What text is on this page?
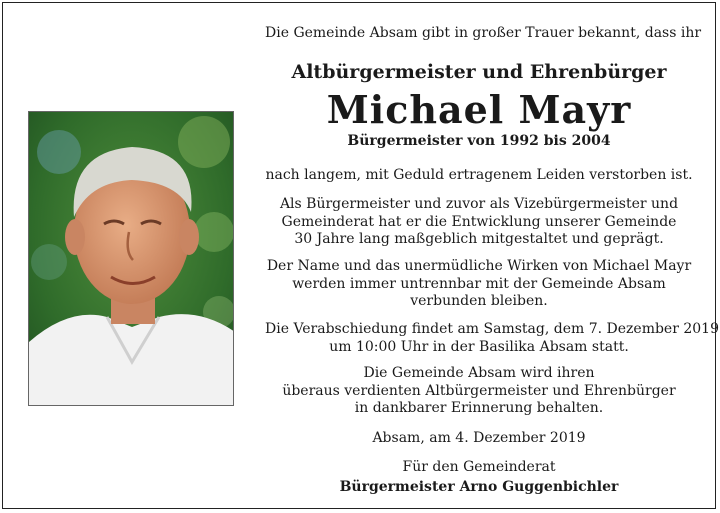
Die Gemeinde Absam gibt in großer Trauer bekannt, dass ihr
Altbürgermeister und Ehrenbürger
Michael Mayr
Bürgermeister von 1992 bis 2004
nach langem, mit Geduld ertragenem Leiden verstorben ist.
Als Bürgermeister und zuvor als Vizebürgermeister und
Gemeinderat hat er die Entwicklung unserer Gemeinde
30 Jahre lang maßgeblich mitgestaltet und geprägt.
Der Name und das unermüdliche Wirken von Michael Mayr
werden immer untrennbar mit der Gemeinde Absam
verbunden bleiben.
Die Verabschiedung findet am Samstag, dem 7. Dezember 2019
um 10:00 Uhr in der Basilika Absam statt.
Die Gemeinde Absam wird ihren
überaus verdienten Altbürgermeister und Ehrenbürger
in dankbarer Erinnerung behalten.
Absam, am 4. Dezember 2019
Für den Gemeinderat
Bürgermeister Arno Guggenbichler
